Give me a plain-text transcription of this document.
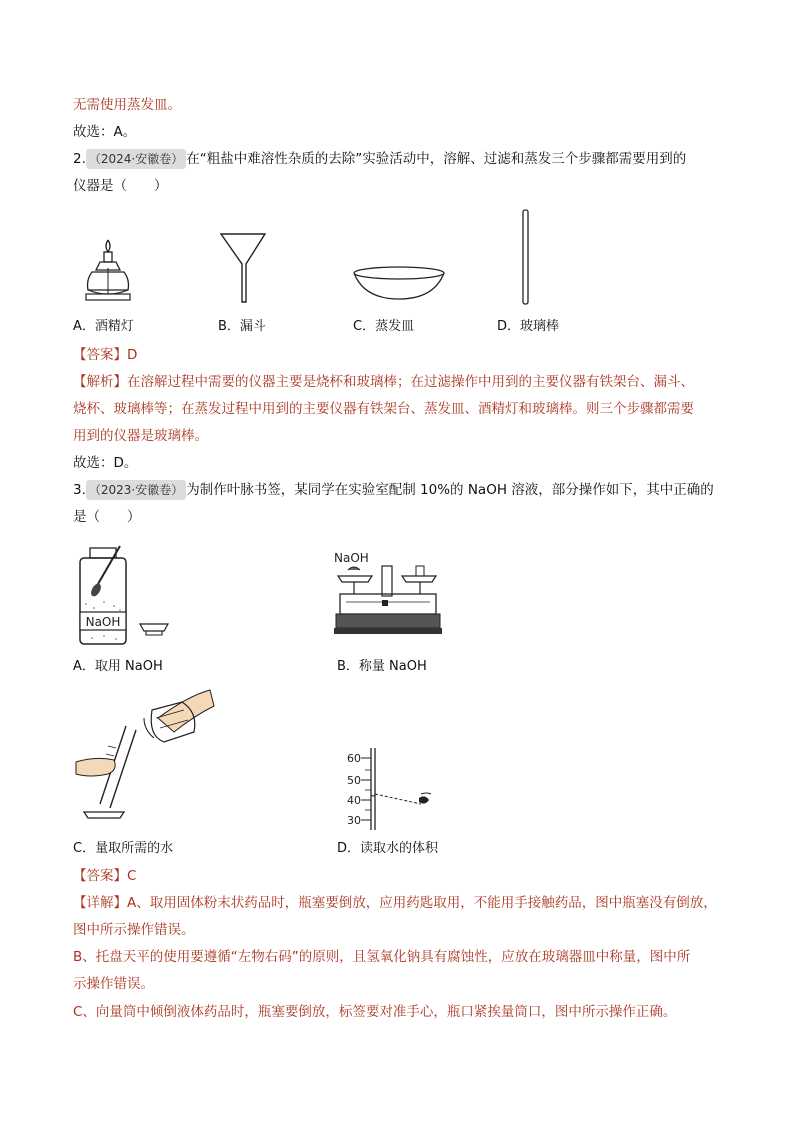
无需使用蒸发皿。
故选：A。
2. （2024·安徽卷） 在“粗盐中难溶性杂质的去除”实验活动中，溶解、过滤和蒸发三个步骤都需要用到的
仪器是（　　）
A．酒精灯	B．漏斗	C．蒸发皿	D．玻璃棒
【答案】D
【解析】在溶解过程中需要的仪器主要是烧杯和玻璃棒；在过滤操作中用到的主要仪器有铁架台、漏斗、
烧杯、玻璃棒等；在蒸发过程中用到的主要仪器有铁架台、蒸发皿、酒精灯和玻璃棒。则三个步骤都需要
用到的仪器是玻璃棒。
故选：D。
3. （2023·安徽卷） 为制作叶脉书签，某同学在实验室配制 10%的 NaOH 溶液，部分操作如下，其中正确的
是（　　）
NaOH
NaOH
A．取用 NaOH	B．称量 NaOH
60
50
40
30
C．量取所需的水	D．读取水的体积
【答案】C
【详解】A、取用固体粉末状药品时，瓶塞要倒放，应用药匙取用，不能用手接触药品，图中瓶塞没有倒放，
图中所示操作错误。
B、托盘天平的使用要遵循“左物右码”的原则，且氢氧化钠具有腐蚀性，应放在玻璃器皿中称量，图中所
示操作错误。
C、向量筒中倾倒液体药品时，瓶塞要倒放，标签要对准手心，瓶口紧挨量筒口，图中所示操作正确。
